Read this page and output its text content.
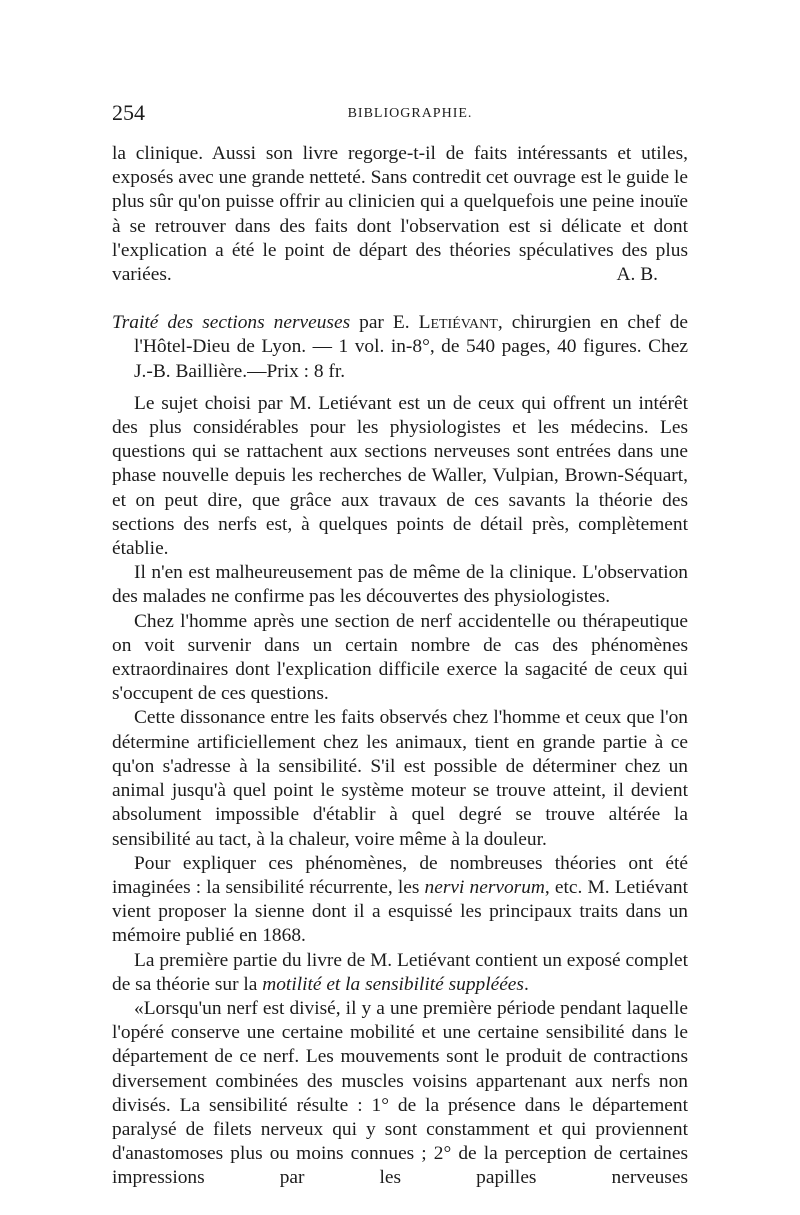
254	BIBLIOGRAPHIE.

la clinique. Aussi son livre regorge-t-il de faits intéressants et utiles, exposés avec une grande netteté. Sans contredit cet ouvrage est le guide le plus sûr qu'on puisse offrir au clinicien qui a quelquefois une peine inouïe à se retrouver dans des faits dont l'observation est si délicate et dont l'explication a été le point de départ des théories spéculatives des plus variées.	A. B.

Traité des sections nerveuses par E. Letiévant, chirurgien en chef de l'Hôtel-Dieu de Lyon. — 1 vol. in-8°, de 540 pages, 40 figures. Chez J.-B. Baillière.—Prix : 8 fr.

Le sujet choisi par M. Letiévant est un de ceux qui offrent un intérêt des plus considérables pour les physiologistes et les médecins. Les questions qui se rattachent aux sections nerveuses sont entrées dans une phase nouvelle depuis les recherches de Waller, Vulpian, Brown-Séquart, et on peut dire, que grâce aux travaux de ces savants la théorie des sections des nerfs est, à quelques points de détail près, complètement établie.

Il n'en est malheureusement pas de même de la clinique. L'observation des malades ne confirme pas les découvertes des physiologistes.

Chez l'homme après une section de nerf accidentelle ou thérapeutique on voit survenir dans un certain nombre de cas des phénomènes extraordinaires dont l'explication difficile exerce la sagacité de ceux qui s'occupent de ces questions.

Cette dissonance entre les faits observés chez l'homme et ceux que l'on détermine artificiellement chez les animaux, tient en grande partie à ce qu'on s'adresse à la sensibilité. S'il est possible de déterminer chez un animal jusqu'à quel point le système moteur se trouve atteint, il devient absolument impossible d'établir à quel degré se trouve altérée la sensibilité au tact, à la chaleur, voire même à la douleur.

Pour expliquer ces phénomènes, de nombreuses théories ont été imaginées : la sensibilité récurrente, les nervi nervorum, etc. M. Letiévant vient proposer la sienne dont il a esquissé les principaux traits dans un mémoire publié en 1868.

La première partie du livre de M. Letiévant contient un exposé complet de sa théorie sur la motilité et la sensibilité suppléées.

«Lorsqu'un nerf est divisé, il y a une première période pendant laquelle l'opéré conserve une certaine mobilité et une certaine sensibilité dans le département de ce nerf. Les mouvements sont le produit de contractions diversement combinées des muscles voisins appartenant aux nerfs non divisés. La sensibilité résulte : 1° de la présence dans le département paralysé de filets nerveux qui y sont constamment et qui proviennent d'anastomoses plus ou moins connues ; 2° de la perception de certaines impressions par les papilles nerveuses
